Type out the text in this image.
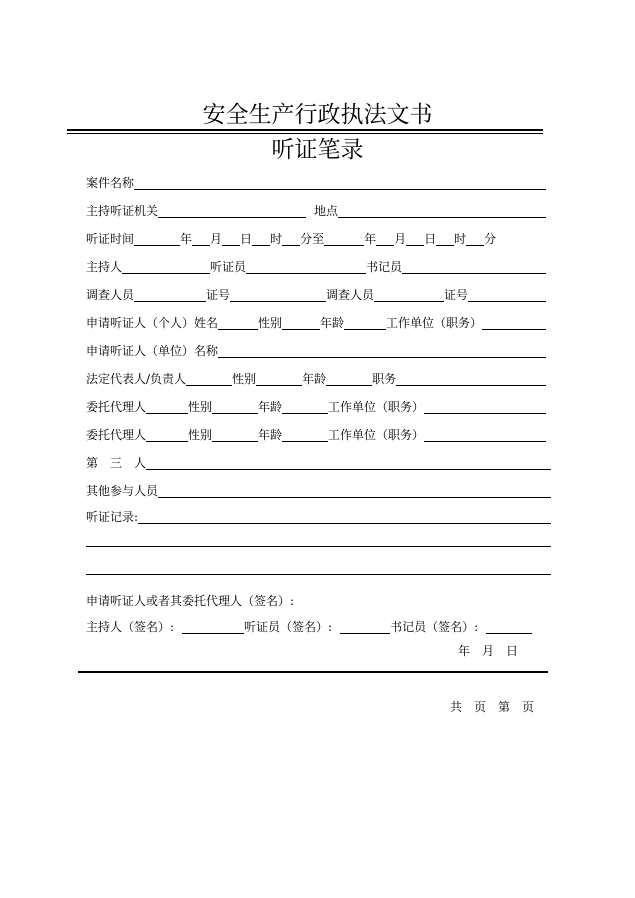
安全生产行政执法文书
听证笔录
案件名称
主持听证机关	地点
听证时间	年 月 日 时 分至	年 月 日 时 分
主持人	听证员	书记员
调查人员	证号	调查人员	证号
申请听证人（个人）姓名	性别	年龄	工作单位（职务）
申请听证人（单位）名称
法定代表人/负责人	性别	年龄	职务
委托代理人	性别	年龄	工作单位（职务）
委托代理人	性别	年龄	工作单位（职务）
第　三　人
其他参与人员
听证记录:
申请听证人或者其委托代理人（签名）:
主持人（签名）:	听证员（签名）:	书记员（签名）:
年　月　日
共　页　第　页
